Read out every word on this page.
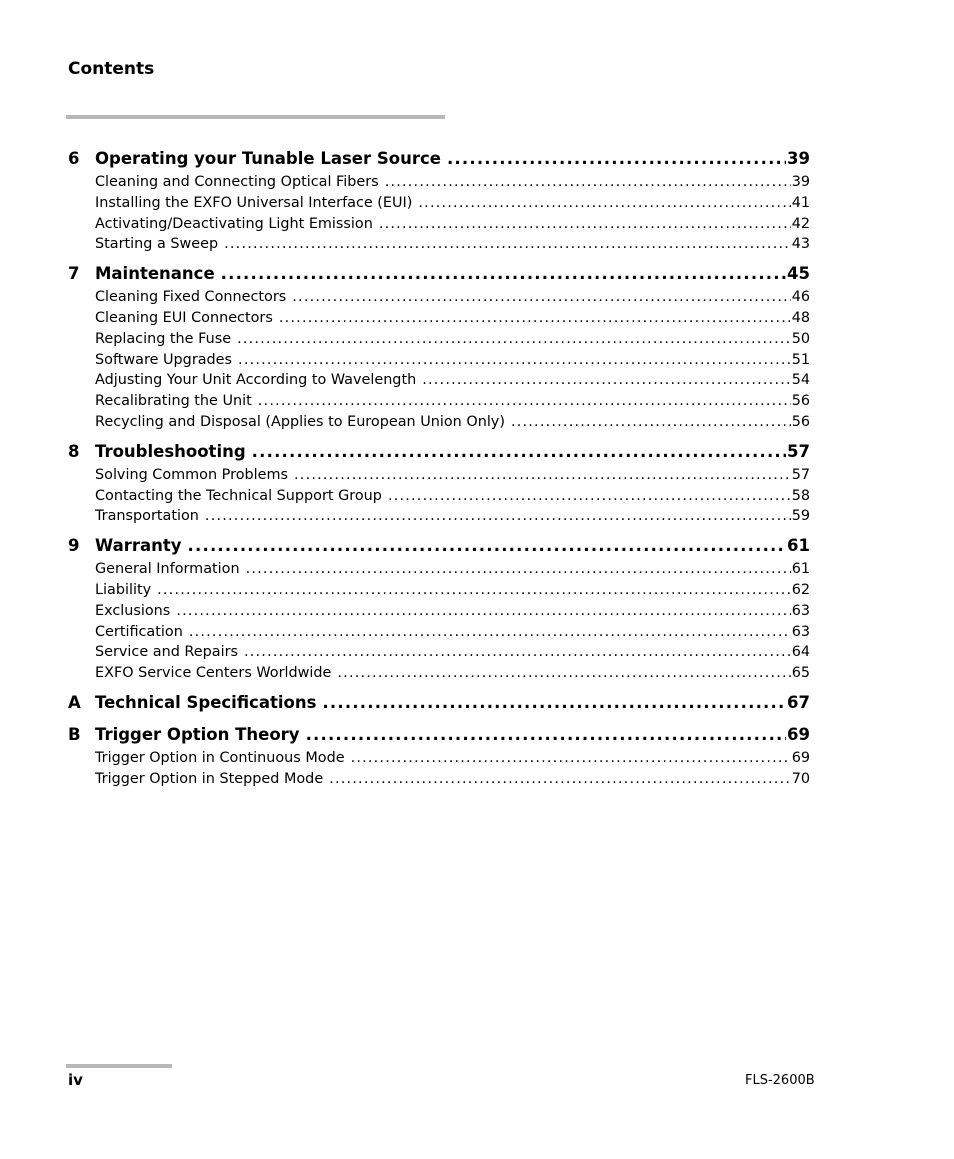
Contents
6 Operating your Tunable Laser Source .....	39
Cleaning and Connecting Optical Fibers .....	39
Installing the EXFO Universal Interface (EUI) .....	41
Activating/Deactivating Light Emission .....	42
Starting a Sweep .....	43
7 Maintenance .....	45
Cleaning Fixed Connectors .....	46
Cleaning EUI Connectors .....	48
Replacing the Fuse .....	50
Software Upgrades .....	51
Adjusting Your Unit According to Wavelength .....	54
Recalibrating the Unit .....	56
Recycling and Disposal (Applies to European Union Only) .....	56
8 Troubleshooting .....	57
Solving Common Problems .....	57
Contacting the Technical Support Group .....	58
Transportation .....	59
9 Warranty .....	61
General Information .....	61
Liability .....	62
Exclusions .....	63
Certification .....	63
Service and Repairs .....	64
EXFO Service Centers Worldwide .....	65
A Technical Specifications .....	67
B Trigger Option Theory .....	69
Trigger Option in Continuous Mode .....	69
Trigger Option in Stepped Mode .....	70
iv	FLS-2600B
